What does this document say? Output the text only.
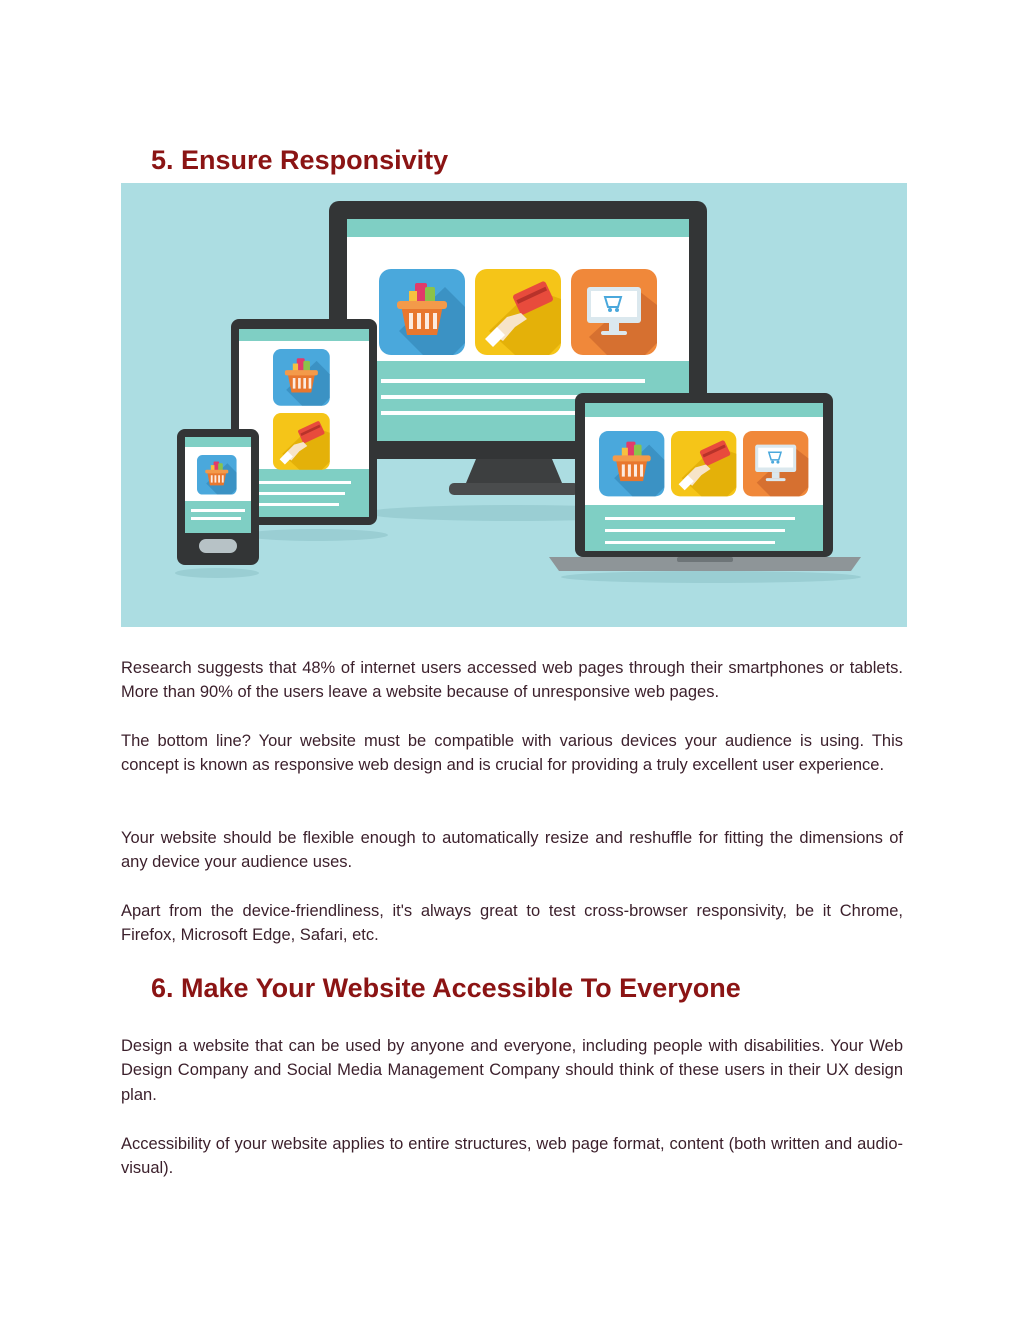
5. Ensure Responsivity

Research suggests that 48% of internet users accessed web pages through their smartphones or tablets. More than 90% of the users leave a website because of unresponsive web pages.

The bottom line? Your website must be compatible with various devices your audience is using. This concept is known as responsive web design and is crucial for providing a truly excellent user experience.

Your website should be flexible enough to automatically resize and reshuffle for fitting the dimensions of any device your audience uses.

Apart from the device-friendliness, it's always great to test cross-browser responsivity, be it Chrome, Firefox, Microsoft Edge, Safari, etc.

6. Make Your Website Accessible To Everyone

Design a website that can be used by anyone and everyone, including people with disabilities. Your Web Design Company and Social Media Management Company should think of these users in their UX design plan.

Accessibility of your website applies to entire structures, web page format, content (both written and audio-visual).
